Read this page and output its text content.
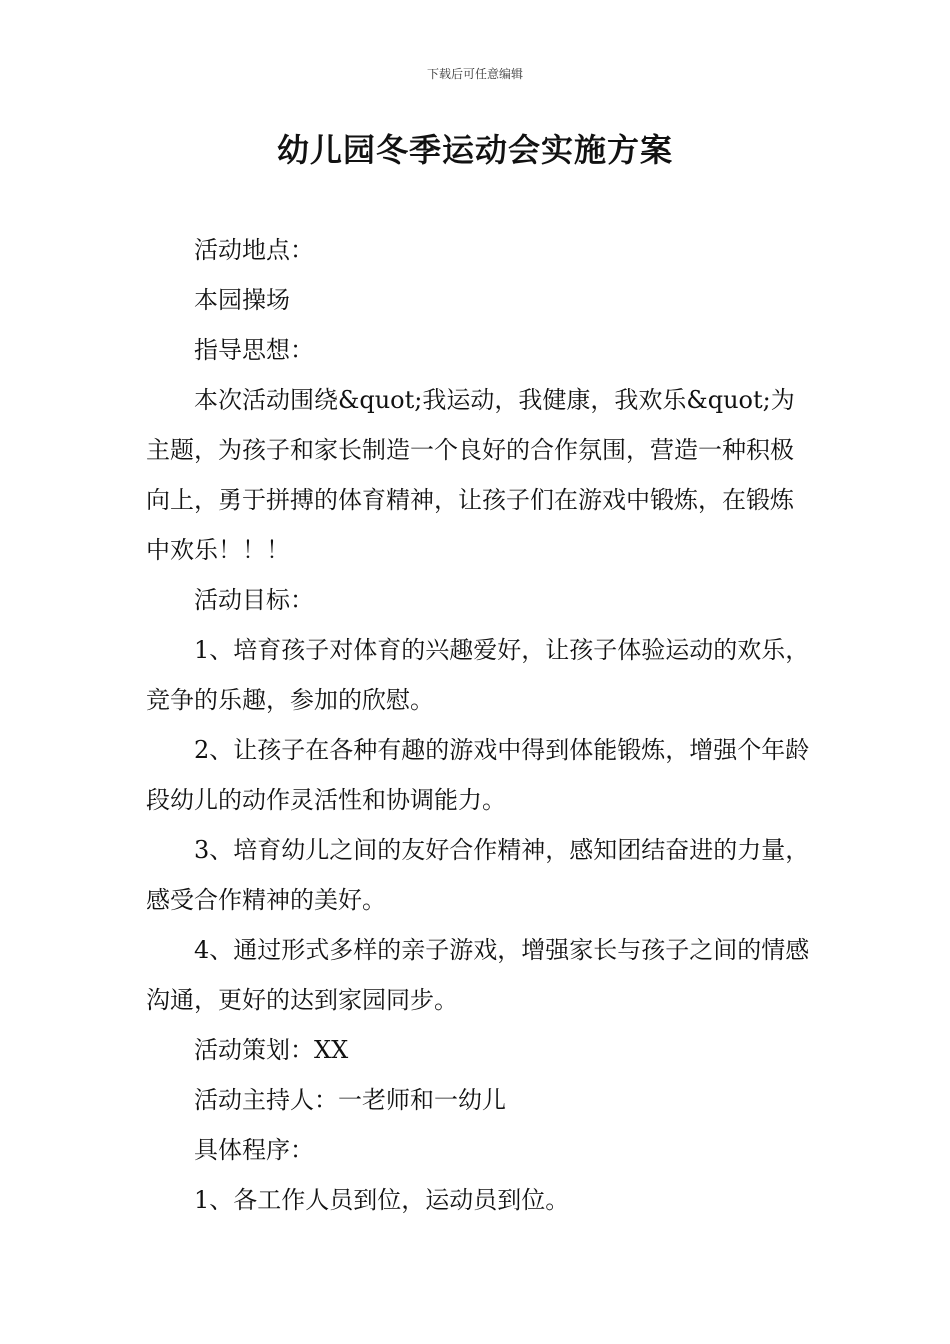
下载后可任意编辑
幼儿园冬季运动会实施方案

活动地点：

本园操场

指导思想：

本次活动围绕&quot;我运动，我健康，我欢乐&quot;为主题，为孩子和家长制造一个良好的合作氛围，营造一种积极向上，勇于拼搏的体育精神，让孩子们在游戏中锻炼，在锻炼中欢乐！！！

活动目标：

1、培育孩子对体育的兴趣爱好，让孩子体验运动的欢乐，竞争的乐趣，参加的欣慰。

2、让孩子在各种有趣的游戏中得到体能锻炼，增强个年龄段幼儿的动作灵活性和协调能力。

3、培育幼儿之间的友好合作精神，感知团结奋进的力量，感受合作精神的美好。

4、通过形式多样的亲子游戏，增强家长与孩子之间的情感沟通，更好的达到家园同步。

活动策划：XX

活动主持人：一老师和一幼儿

具体程序：

1、各工作人员到位，运动员到位。
